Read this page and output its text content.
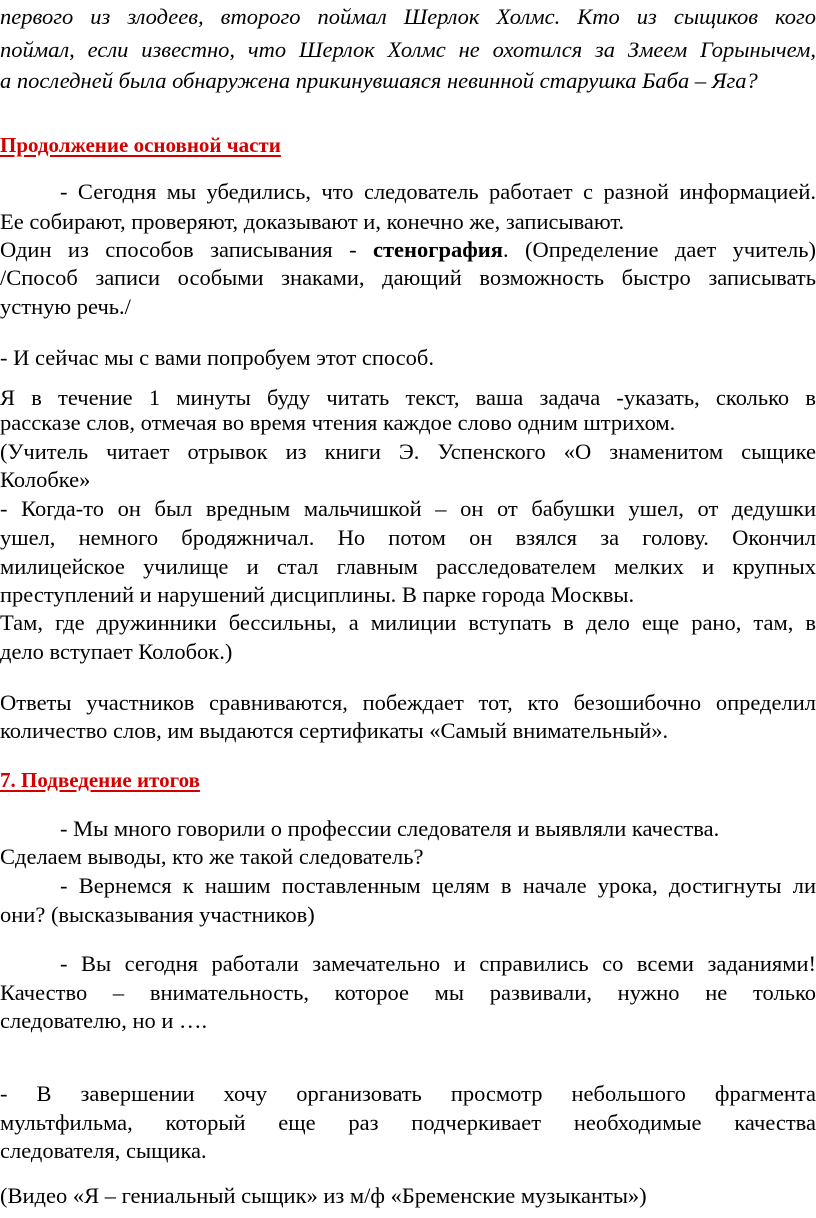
первого из злодеев, второго поймал Шерлок Холмс. Кто из сыщиков кого
поймал, если известно, что Шерлок Холмс не охотился за Змеем Горынычем,
а последней была обнаружена прикинувшаяся невинной старушка Баба – Яга?
Продолжение основной части
- Сегодня мы убедились, что следователь работает с разной информацией.
Ее собирают, проверяют, доказывают и, конечно же, записывают.
Один из способов записывания - стенография. (Определение дает учитель)
/Способ записи особыми знаками, дающий возможность быстро записывать
устную речь./
- И сейчас мы с вами попробуем этот способ.
Я в течение 1 минуты буду читать текст, ваша задача -указать, сколько в
рассказе слов, отмечая во время чтения каждое слово одним штрихом.
(Учитель читает отрывок из книги Э. Успенского «О знаменитом сыщике
Колобке»
- Когда-то он был вредным мальчишкой – он от бабушки ушел, от дедушки
ушел, немного бродяжничал. Но потом он взялся за голову. Окончил
милицейское училище и стал главным расследователем мелких и крупных
преступлений и нарушений дисциплины. В парке города Москвы.
Там, где дружинники бессильны, а милиции вступать в дело еще рано, там, в
дело вступает Колобок.)
Ответы участников сравниваются, побеждает тот, кто безошибочно определил
количество слов, им выдаются сертификаты «Самый внимательный».
7. Подведение итогов
- Мы много говорили о профессии следователя и выявляли качества.
Сделаем выводы, кто же такой следователь?
- Вернемся к нашим поставленным целям в начале урока, достигнуты ли
они? (высказывания участников)
- Вы сегодня работали замечательно и справились со всеми заданиями!
Качество – внимательность, которое мы развивали, нужно не только
следователю, но и ….
- В завершении хочу организовать просмотр небольшого фрагмента
мультфильма, который еще раз подчеркивает необходимые качества
следователя, сыщика.
(Видео «Я – гениальный сыщик» из м/ф «Бременские музыканты»)
